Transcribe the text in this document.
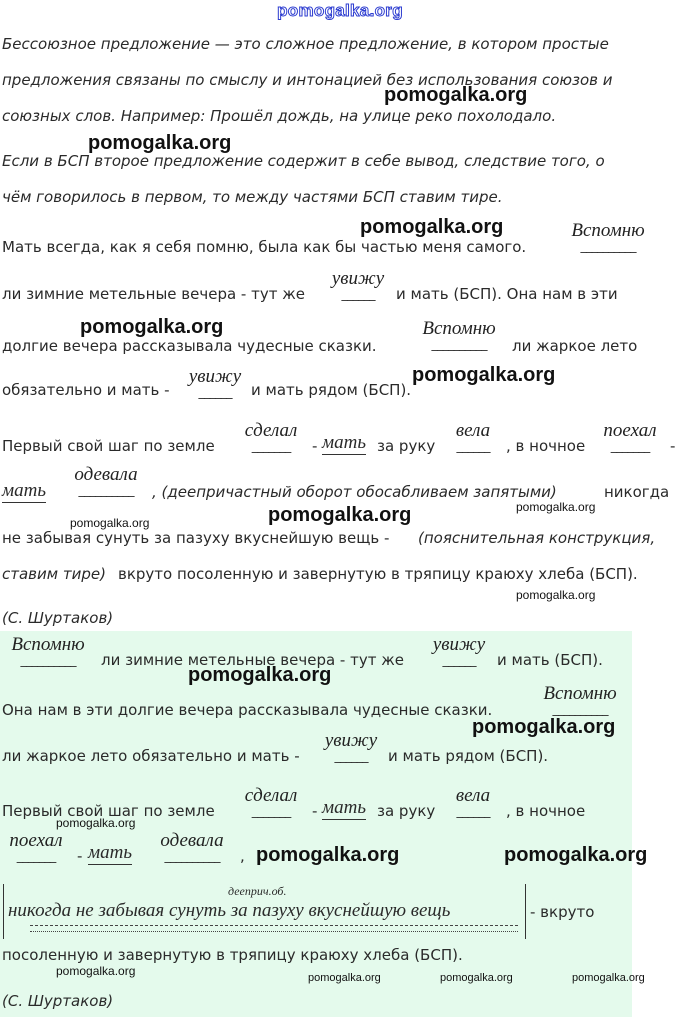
pomogalka.org
Бессоюзное предложение — это сложное предложение, в котором простые
предложения связаны по смыслу и интонацией без использования союзов и
союзных слов. Например: Прошёл дождь, на улице реко похолодало.
Если в БСП второе предложение содержит в себе вывод, следствие того, о
чём говорилось в первом, то между частями БСП ставим тире.
Мать всегда, как я себя помню, была как бы частью меня самого.
Вспомню
__________
ли зимние метельные вечера - тут же
увижу
______	и мать (БСП). Она нам в эти
долгие вечера рассказывала чудесные сказки.
Вспомню
__________	ли жаркое лето
обязательно и мать -
увижу
______	и мать рядом (БСП).
Первый свой шаг по земле
сделал
_______	- мать за руку
вела
______	, в ночное
поехал
_______	-
мать
одевала
__________	, (деепричастный оборот обосабливаем запятыми)	никогда
не забывая сунуть за пазуху вкуснейшую вещь - (пояснительная конструкция,
ставим тире) вкруто посоленную и завернутую в тряпицу краюху хлеба (БСП).
(С. Шуртаков)
Вспомню
__________	ли зимние метельные вечера - тут же
увижу
______	и мать (БСП).
Она нам в эти долгие вечера рассказывала чудесные сказки.
Вспомню
__________
ли жаркое лето обязательно и мать -
увижу
______	и мать рядом (БСП).
Первый свой шаг по земле
сделал
_______	- мать за руку
вела
______	, в ночное
поехал
_______	- мать
одевала
__________	,
дееприч.об.
никогда не забывая сунуть за пазуху вкуснейшую вещь	- вкруто
посоленную и завернутую в тряпицу краюху хлеба (БСП).
(С. Шуртаков)
pomogalka.org
pomogalka.org
pomogalka.org
pomogalka.org
pomogalka.org
pomogalka.org	pomogalka.org
pomogalka.org
pomogalka.org
pomogalka.org
pomogalka.org
pomogalka.org
pomogalka.org	pomogalka.org
pomogalka.org	pomogalka.org	pomogalka.org	pomogalka.org
